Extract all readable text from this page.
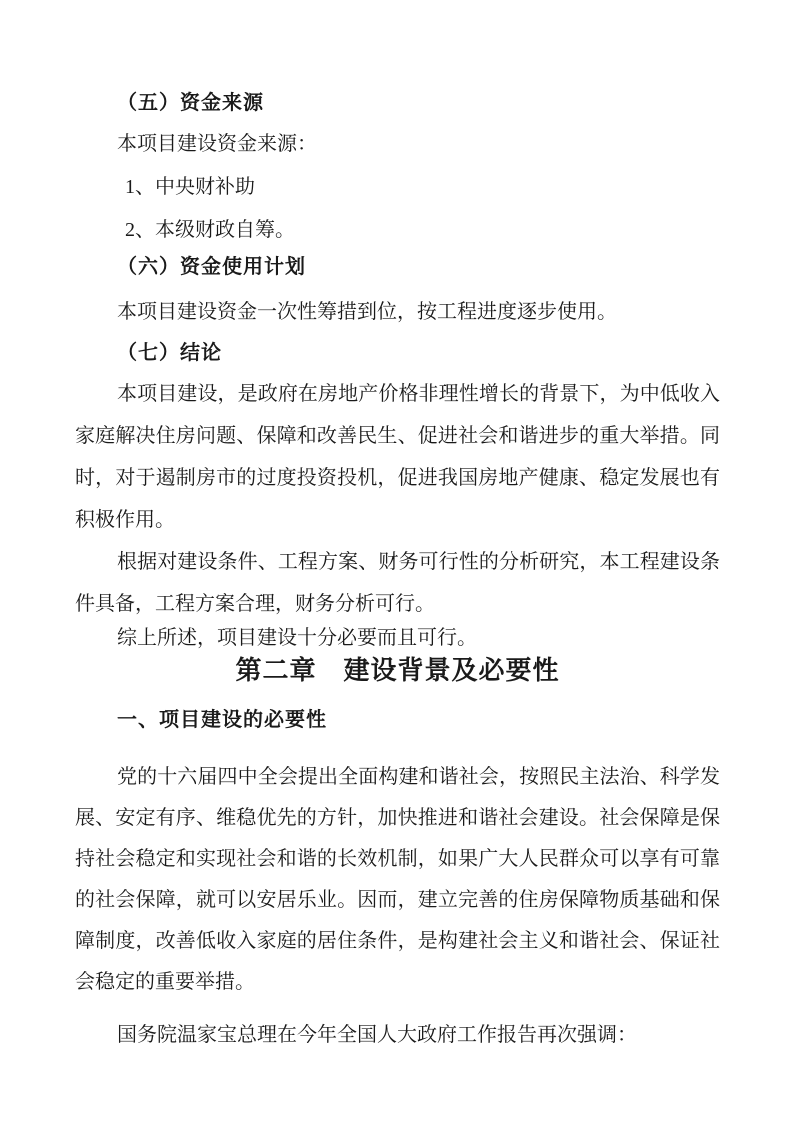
（五）资金来源
本项目建设资金来源：
1、中央财补助
2、本级财政自筹。
（六）资金使用计划
本项目建设资金一次性筹措到位，按工程进度逐步使用。
（七）结论
本项目建设，是政府在房地产价格非理性增长的背景下，为中低收入家庭解决住房问题、保障和改善民生、促进社会和谐进步的重大举措。同时，对于遏制房市的过度投资投机，促进我国房地产健康、稳定发展也有积极作用。
根据对建设条件、工程方案、财务可行性的分析研究，本工程建设条件具备，工程方案合理，财务分析可行。
综上所述，项目建设十分必要而且可行。
第二章　建设背景及必要性
一、项目建设的必要性
党的十六届四中全会提出全面构建和谐社会，按照民主法治、科学发展、安定有序、维稳优先的方针，加快推进和谐社会建设。社会保障是保持社会稳定和实现社会和谐的长效机制，如果广大人民群众可以享有可靠的社会保障，就可以安居乐业。因而，建立完善的住房保障物质基础和保障制度，改善低收入家庭的居住条件，是构建社会主义和谐社会、保证社会稳定的重要举措。
国务院温家宝总理在今年全国人大政府工作报告再次强调：
